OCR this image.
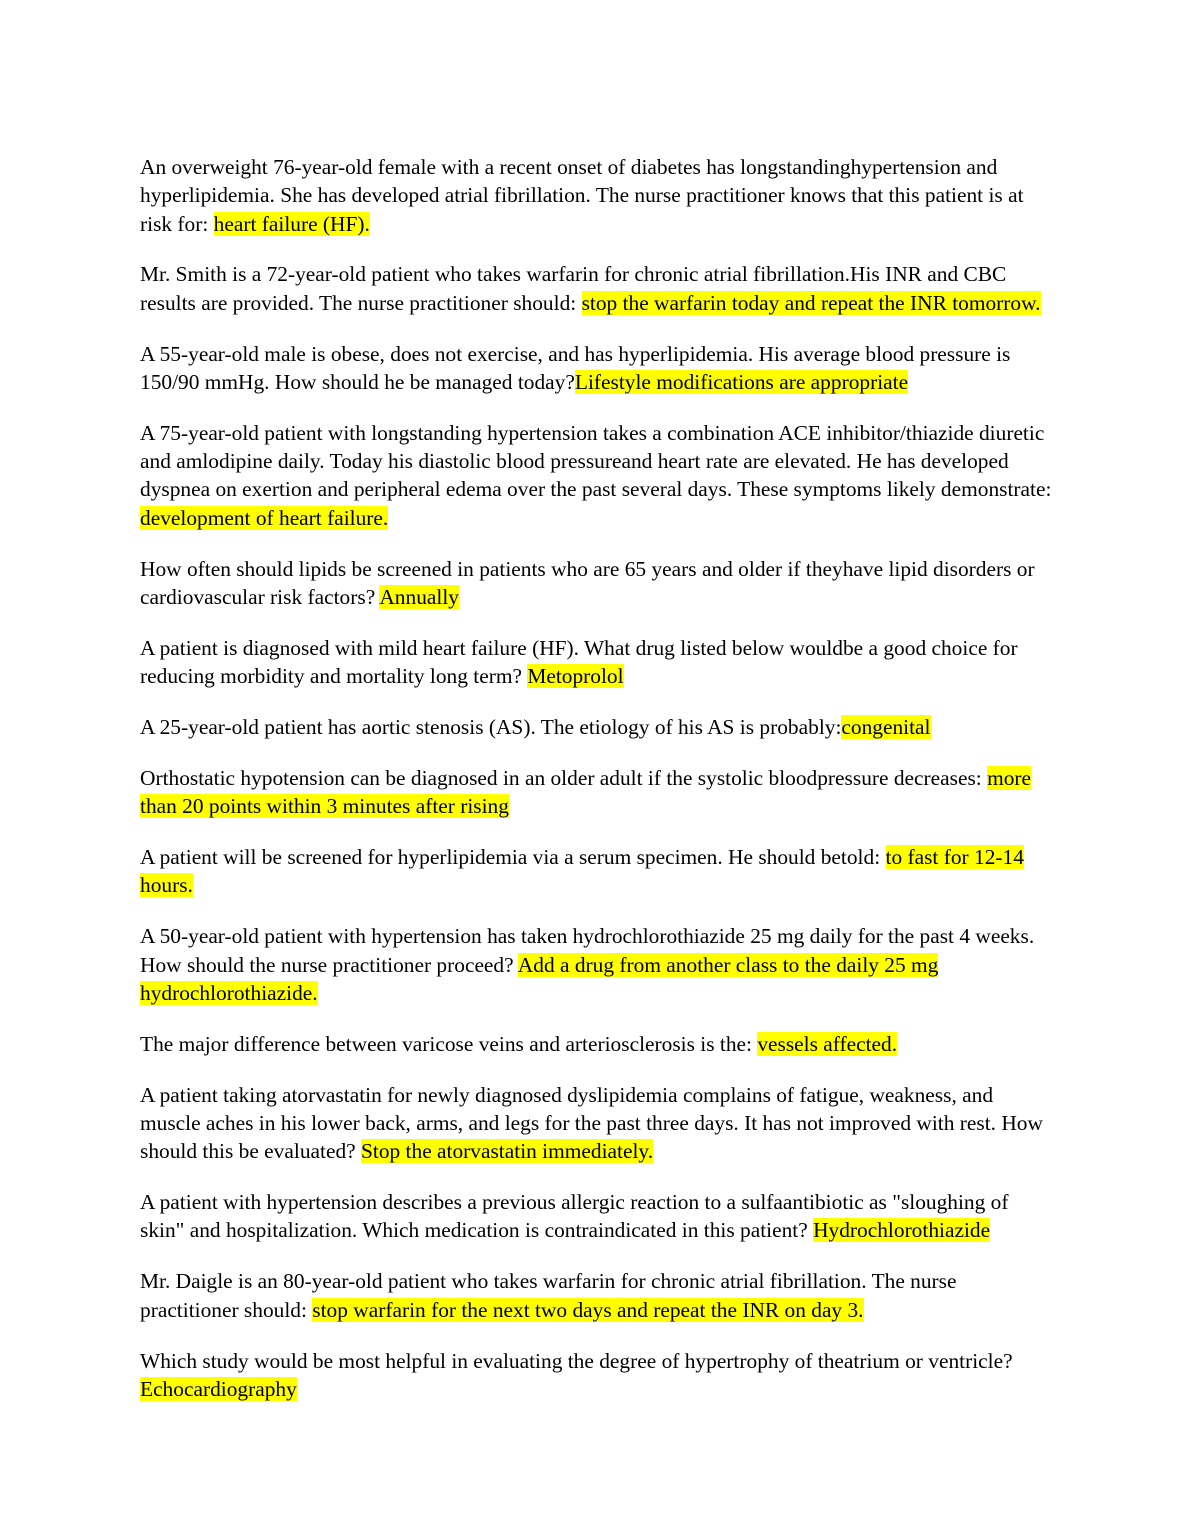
An overweight 76-year-old female with a recent onset of diabetes has longstandinghypertension and hyperlipidemia. She has developed atrial fibrillation. The nurse practitioner knows that this patient is at risk for: heart failure (HF).

Mr. Smith is a 72-year-old patient who takes warfarin for chronic atrial fibrillation.His INR and CBC results are provided. The nurse practitioner should: stop the warfarin today and repeat the INR tomorrow.

A 55-year-old male is obese, does not exercise, and has hyperlipidemia. His average blood pressure is 150/90 mmHg. How should he be managed today?Lifestyle modifications are appropriate

A 75-year-old patient with longstanding hypertension takes a combination ACE inhibitor/thiazide diuretic and amlodipine daily. Today his diastolic blood pressureand heart rate are elevated. He has developed dyspnea on exertion and peripheral edema over the past several days. These symptoms likely demonstrate: development of heart failure.

How often should lipids be screened in patients who are 65 years and older if theyhave lipid disorders or cardiovascular risk factors? Annually

A patient is diagnosed with mild heart failure (HF). What drug listed below wouldbe a good choice for reducing morbidity and mortality long term? Metoprolol

A 25-year-old patient has aortic stenosis (AS). The etiology of his AS is probably:congenital

Orthostatic hypotension can be diagnosed in an older adult if the systolic bloodpressure decreases: more than 20 points within 3 minutes after rising

A patient will be screened for hyperlipidemia via a serum specimen. He should betold: to fast for 12-14 hours.

A 50-year-old patient with hypertension has taken hydrochlorothiazide 25 mg daily for the past 4 weeks. How should the nurse practitioner proceed? Add a drug from another class to the daily 25 mg hydrochlorothiazide.

The major difference between varicose veins and arteriosclerosis is the: vessels affected.

A patient taking atorvastatin for newly diagnosed dyslipidemia complains of fatigue, weakness, and muscle aches in his lower back, arms, and legs for the past three days. It has not improved with rest. How should this be evaluated? Stop the atorvastatin immediately.

A patient with hypertension describes a previous allergic reaction to a sulfaantibiotic as "sloughing of skin" and hospitalization. Which medication is contraindicated in this patient? Hydrochlorothiazide

Mr. Daigle is an 80-year-old patient who takes warfarin for chronic atrial fibrillation. The nurse practitioner should: stop warfarin for the next two days and repeat the INR on day 3.

Which study would be most helpful in evaluating the degree of hypertrophy of theatrium or ventricle? Echocardiography
